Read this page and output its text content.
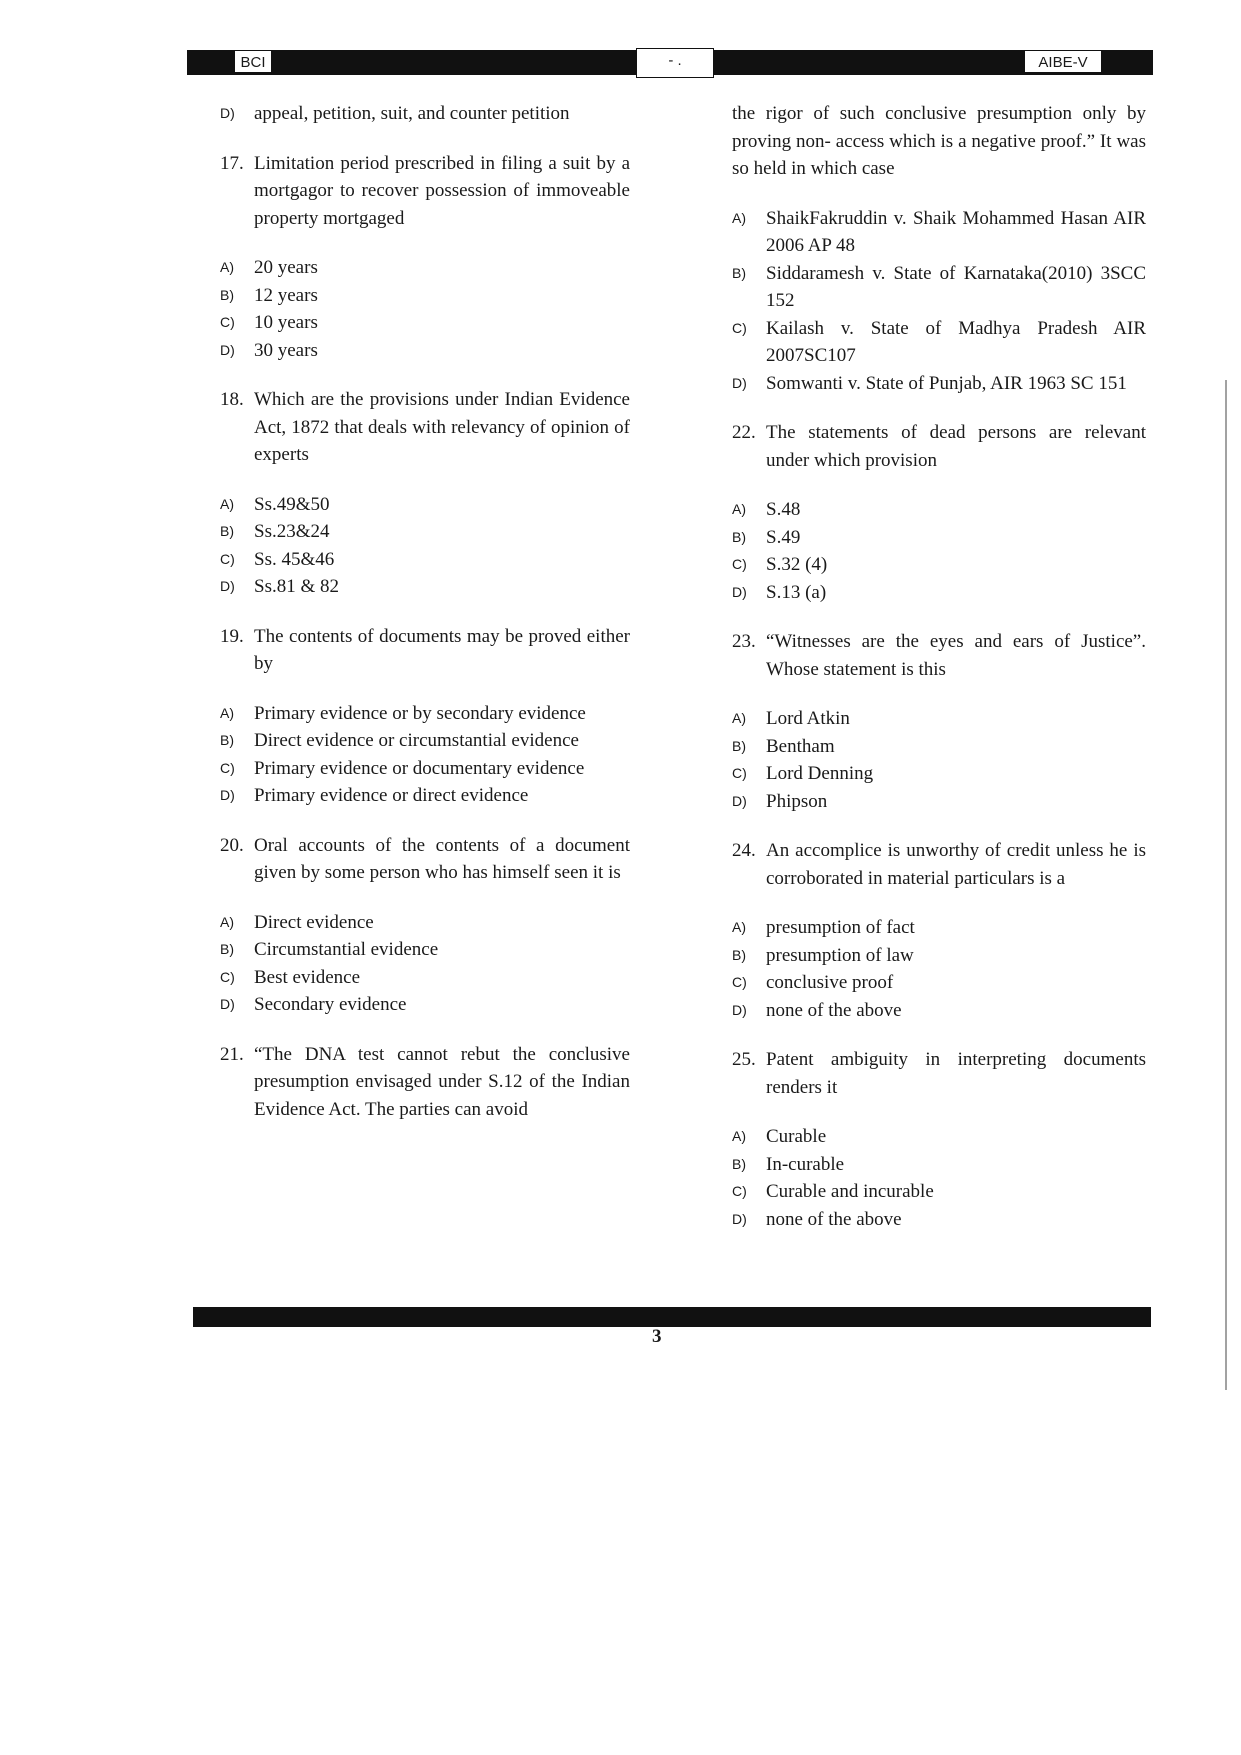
BCI	- .	AIBE-V
D) appeal, petition, suit, and counter petition
17. Limitation period prescribed in filing a suit by a mortgagor to recover possession of immoveable property mortgaged
A) 20 years
B) 12 years
C) 10 years
D) 30 years
18. Which are the provisions under Indian Evidence Act, 1872 that deals with relevancy of opinion of experts
A) Ss.49&50
B) Ss.23&24
C) Ss. 45&46
D) Ss.81 & 82
19. The contents of documents may be proved either by
A) Primary evidence or by secondary evidence
B) Direct evidence or circumstantial evidence
C) Primary evidence or documentary evidence
D) Primary evidence or direct evidence
20. Oral accounts of the contents of a document given by some person who has himself seen it is
A) Direct evidence
B) Circumstantial evidence
C) Best evidence
D) Secondary evidence
21. “The DNA test cannot rebut the conclusive presumption envisaged under S.12 of the Indian Evidence Act. The parties can avoid
the rigor of such conclusive presumption only by proving non- access which is a negative proof.” It was so held in which case
A) ShaikFakruddin v. Shaik Mohammed Hasan AIR 2006 AP 48
B) Siddaramesh v. State of Karnataka(2010) 3SCC 152
C) Kailash v. State of Madhya Pradesh AIR 2007SC107
D) Somwanti v. State of Punjab, AIR 1963 SC 151
22. The statements of dead persons are relevant under which provision
A) S.48
B) S.49
C) S.32 (4)
D) S.13 (a)
23. “Witnesses are the eyes and ears of Justice”. Whose statement is this
A) Lord Atkin
B) Bentham
C) Lord Denning
D) Phipson
24. An accomplice is unworthy of credit unless he is corroborated in material particulars is a
A) presumption of fact
B) presumption of law
C) conclusive proof
D) none of the above
25. Patent ambiguity in interpreting documents renders it
A) Curable
B) In-curable
C) Curable and incurable
D) none of the above
3
